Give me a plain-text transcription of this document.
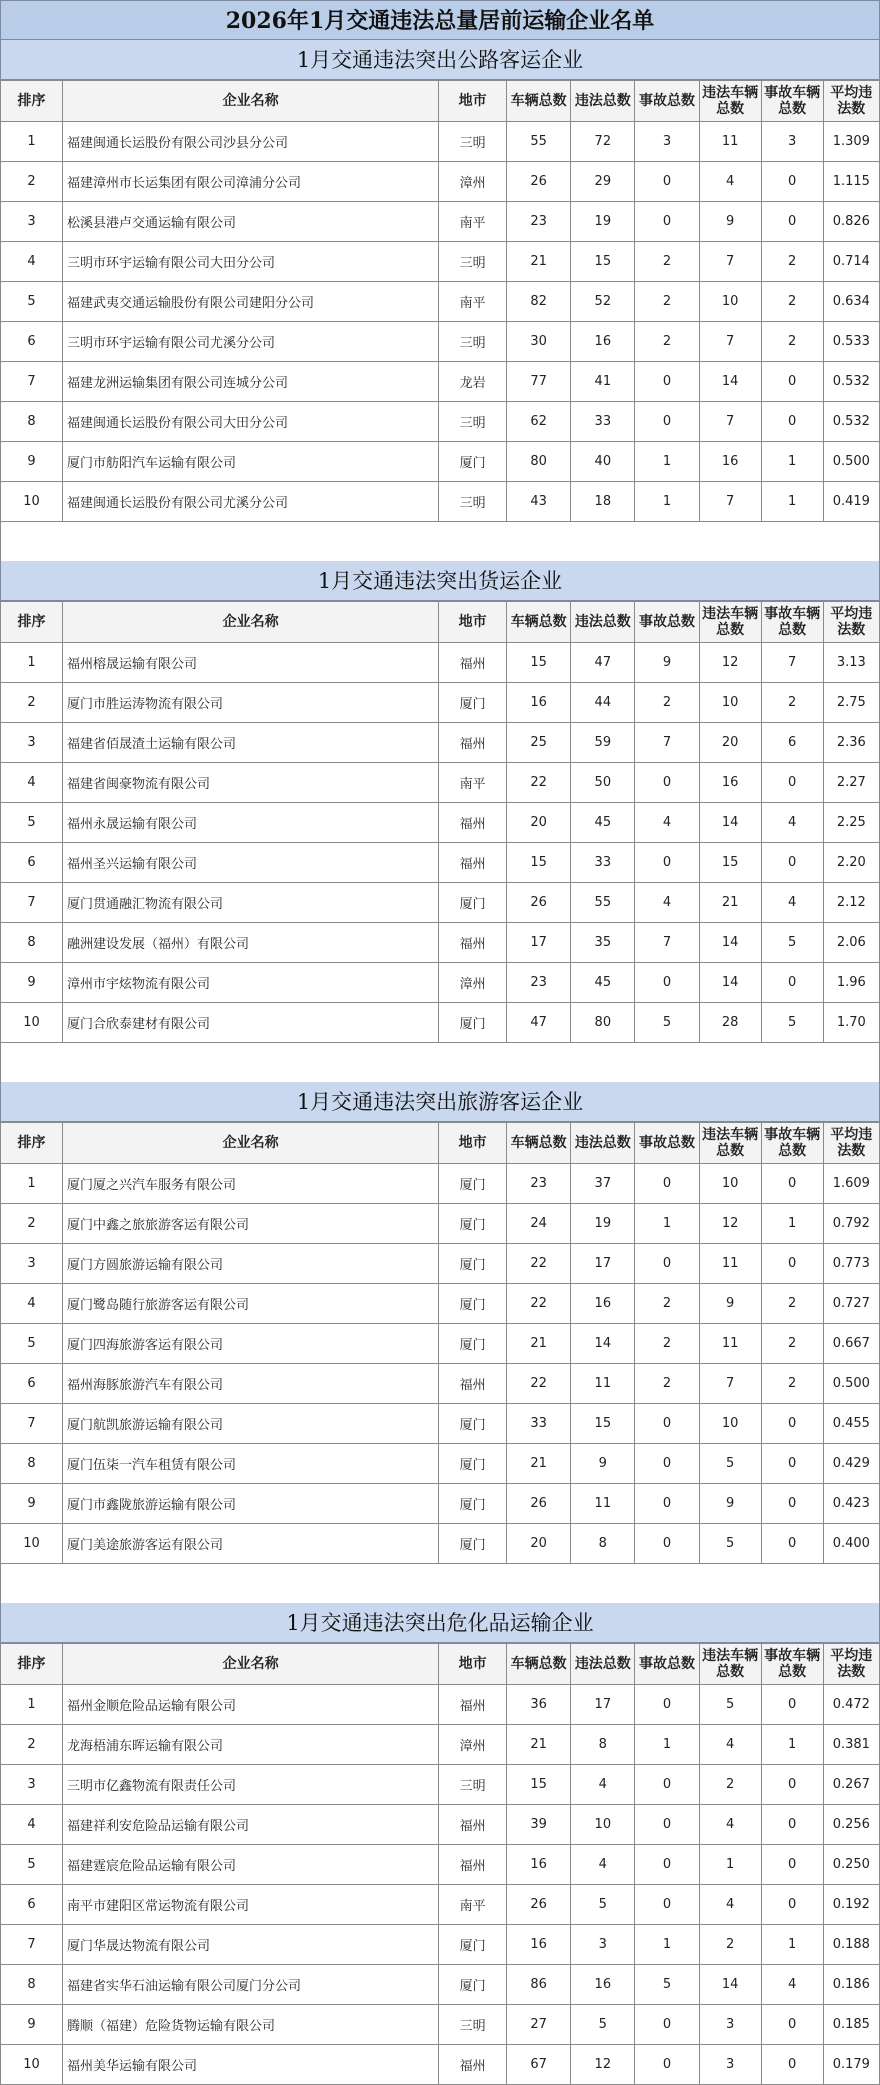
2026年1月交通违法总量居前运输企业名单
1月交通违法突出公路客运企业
排序	企业名称	地市	车辆总数	违法总数	事故总数	违法车辆总数	事故车辆总数	平均违法数
1	福建闽通长运股份有限公司沙县分公司	三明	55	72	3	11	3	1.309
2	福建漳州市长运集团有限公司漳浦分公司	漳州	26	29	0	4	0	1.115
3	松溪县港卢交通运输有限公司	南平	23	19	0	9	0	0.826
4	三明市环宇运输有限公司大田分公司	三明	21	15	2	7	2	0.714
5	福建武夷交通运输股份有限公司建阳分公司	南平	82	52	2	10	2	0.634
6	三明市环宇运输有限公司尤溪分公司	三明	30	16	2	7	2	0.533
7	福建龙洲运输集团有限公司连城分公司	龙岩	77	41	0	14	0	0.532
8	福建闽通长运股份有限公司大田分公司	三明	62	33	0	7	0	0.532
9	厦门市舫阳汽车运输有限公司	厦门	80	40	1	16	1	0.500
10	福建闽通长运股份有限公司尤溪分公司	三明	43	18	1	7	1	0.419
1月交通违法突出货运企业
排序	企业名称	地市	车辆总数	违法总数	事故总数	违法车辆总数	事故车辆总数	平均违法数
1	福州榕晟运输有限公司	福州	15	47	9	12	7	3.13
2	厦门市胜运涛物流有限公司	厦门	16	44	2	10	2	2.75
3	福建省佰晟渣土运输有限公司	福州	25	59	7	20	6	2.36
4	福建省闽豪物流有限公司	南平	22	50	0	16	0	2.27
5	福州永晟运输有限公司	福州	20	45	4	14	4	2.25
6	福州圣兴运输有限公司	福州	15	33	0	15	0	2.20
7	厦门贯通融汇物流有限公司	厦门	26	55	4	21	4	2.12
8	融洲建设发展（福州）有限公司	福州	17	35	7	14	5	2.06
9	漳州市宇炫物流有限公司	漳州	23	45	0	14	0	1.96
10	厦门合欣泰建材有限公司	厦门	47	80	5	28	5	1.70
1月交通违法突出旅游客运企业
排序	企业名称	地市	车辆总数	违法总数	事故总数	违法车辆总数	事故车辆总数	平均违法数
1	厦门厦之兴汽车服务有限公司	厦门	23	37	0	10	0	1.609
2	厦门中鑫之旅旅游客运有限公司	厦门	24	19	1	12	1	0.792
3	厦门方圆旅游运输有限公司	厦门	22	17	0	11	0	0.773
4	厦门鹭岛随行旅游客运有限公司	厦门	22	16	2	9	2	0.727
5	厦门四海旅游客运有限公司	厦门	21	14	2	11	2	0.667
6	福州海豚旅游汽车有限公司	福州	22	11	2	7	2	0.500
7	厦门航凯旅游运输有限公司	厦门	33	15	0	10	0	0.455
8	厦门伍柒一汽车租赁有限公司	厦门	21	9	0	5	0	0.429
9	厦门市鑫陇旅游运输有限公司	厦门	26	11	0	9	0	0.423
10	厦门美途旅游客运有限公司	厦门	20	8	0	5	0	0.400
1月交通违法突出危化品运输企业
排序	企业名称	地市	车辆总数	违法总数	事故总数	违法车辆总数	事故车辆总数	平均违法数
1	福州金顺危险品运输有限公司	福州	36	17	0	5	0	0.472
2	龙海梧浦东晖运输有限公司	漳州	21	8	1	4	1	0.381
3	三明市亿鑫物流有限责任公司	三明	15	4	0	2	0	0.267
4	福建祥利安危险品运输有限公司	福州	39	10	0	4	0	0.256
5	福建霆宸危险品运输有限公司	福州	16	4	0	1	0	0.250
6	南平市建阳区常运物流有限公司	南平	26	5	0	4	0	0.192
7	厦门华晟达物流有限公司	厦门	16	3	1	2	1	0.188
8	福建省实华石油运输有限公司厦门分公司	厦门	86	16	5	14	4	0.186
9	腾顺（福建）危险货物运输有限公司	三明	27	5	0	3	0	0.185
10	福州美华运输有限公司	福州	67	12	0	3	0	0.179
